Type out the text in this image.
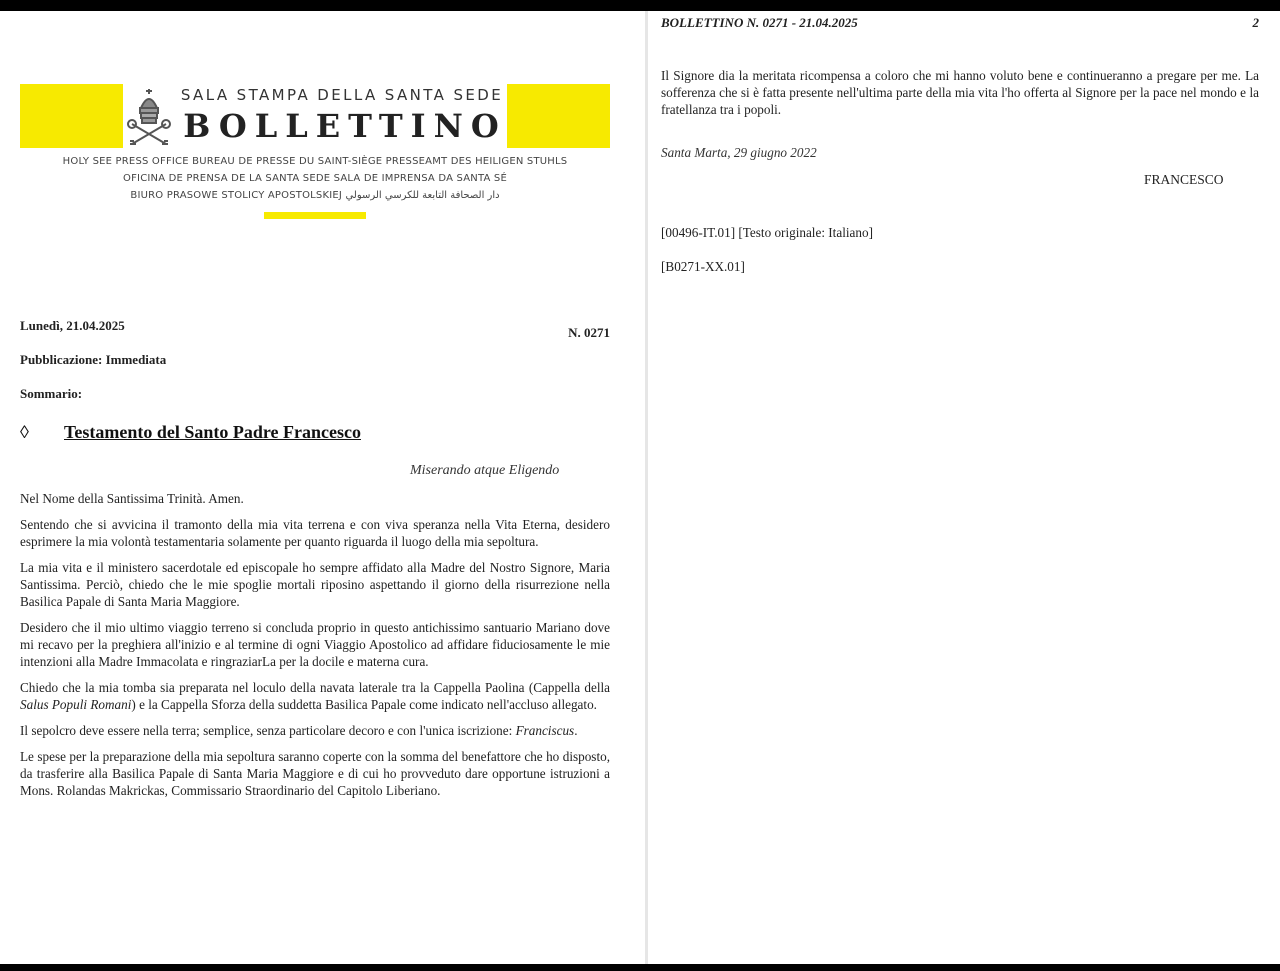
SALA STAMPA DELLA SANTA SEDE
BOLLETTINO
HOLY SEE PRESS OFFICE BUREAU DE PRESSE DU SAINT-SIÈGE PRESSEAMT DES HEILIGEN STUHLS
OFICINA DE PRENSA DE LA SANTA SEDE SALA DE IMPRENSA DA SANTA SÉ
BIURO PRASOWE STOLICY APOSTOLSKIEJ دار الصحافة التابعة للكرسي الرسولي
Lunedì, 21.04.2025	N. 0271
Pubblicazione: Immediata
Sommario:
◊ Testamento del Santo Padre Francesco
Miserando atque Eligendo

Nel Nome della Santissima Trinità. Amen.

Sentendo che si avvicina il tramonto della mia vita terrena e con viva speranza nella Vita Eterna, desidero esprimere la mia volontà testamentaria solamente per quanto riguarda il luogo della mia sepoltura.

La mia vita e il ministero sacerdotale ed episcopale ho sempre affidato alla Madre del Nostro Signore, Maria Santissima. Perciò, chiedo che le mie spoglie mortali riposino aspettando il giorno della risurrezione nella Basilica Papale di Santa Maria Maggiore.

Desidero che il mio ultimo viaggio terreno si concluda proprio in questo antichissimo santuario Mariano dove mi recavo per la preghiera all'inizio e al termine di ogni Viaggio Apostolico ad affidare fiduciosamente le mie intenzioni alla Madre Immacolata e ringraziarLa per la docile e materna cura.

Chiedo che la mia tomba sia preparata nel loculo della navata laterale tra la Cappella Paolina (Cappella della Salus Populi Romani) e la Cappella Sforza della suddetta Basilica Papale come indicato nell'accluso allegato.

Il sepolcro deve essere nella terra; semplice, senza particolare decoro e con l'unica iscrizione: Franciscus.

Le spese per la preparazione della mia sepoltura saranno coperte con la somma del benefattore che ho disposto, da trasferire alla Basilica Papale di Santa Maria Maggiore e di cui ho provveduto dare opportune istruzioni a Mons. Rolandas Makrickas, Commissario Straordinario del Capitolo Liberiano.

BOLLETTINO N. 0271 - 21.04.2025	2
Il Signore dia la meritata ricompensa a coloro che mi hanno voluto bene e continueranno a pregare per me. La sofferenza che si è fatta presente nell'ultima parte della mia vita l'ho offerta al Signore per la pace nel mondo e la fratellanza tra i popoli.
Santa Marta, 29 giugno 2022
FRANCESCO
[00496-IT.01] [Testo originale: Italiano]
[B0271-XX.01]
